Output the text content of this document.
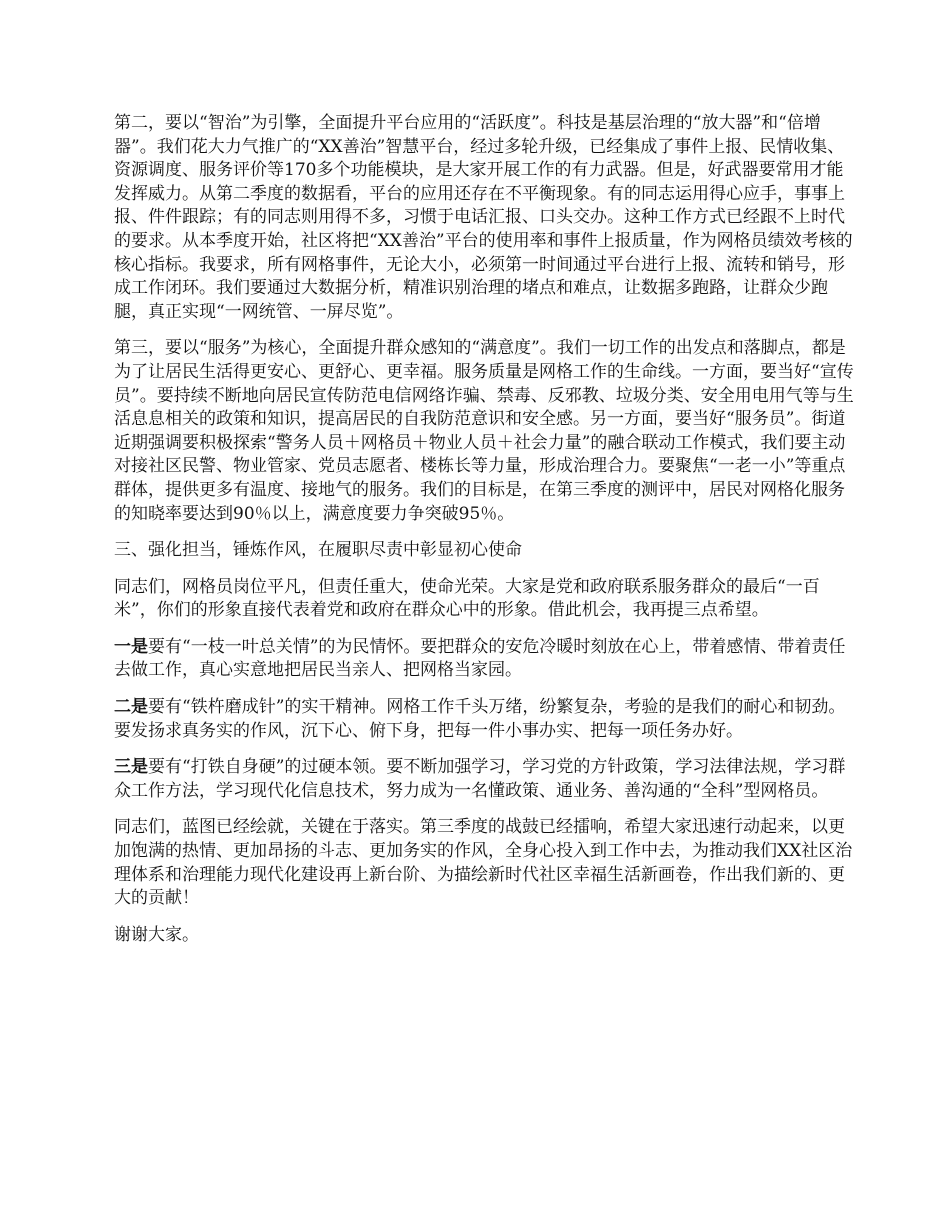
第二，要以“智治”为引擎，全面提升平台应用的“活跃度”。科技是基层治理的“放大器”和“倍增器”。我们花大力气推广的“XX善治”智慧平台，经过多轮升级，已经集成了事件上报、民情收集、资源调度、服务评价等170多个功能模块，是大家开展工作的有力武器。但是，好武器要常用才能发挥威力。从第二季度的数据看，平台的应用还存在不平衡现象。有的同志运用得心应手，事事上报、件件跟踪；有的同志则用得不多，习惯于电话汇报、口头交办。这种工作方式已经跟不上时代的要求。从本季度开始，社区将把“XX善治”平台的使用率和事件上报质量，作为网格员绩效考核的核心指标。我要求，所有网格事件，无论大小，必须第一时间通过平台进行上报、流转和销号，形成工作闭环。我们要通过大数据分析，精准识别治理的堵点和难点，让数据多跑路，让群众少跑腿，真正实现“一网统管、一屏尽览”。

第三，要以“服务”为核心，全面提升群众感知的“满意度”。我们一切工作的出发点和落脚点，都是为了让居民生活得更安心、更舒心、更幸福。服务质量是网格工作的生命线。一方面，要当好“宣传员”。要持续不断地向居民宣传防范电信网络诈骗、禁毒、反邪教、垃圾分类、安全用电用气等与生活息息相关的政策和知识，提高居民的自我防范意识和安全感。另一方面，要当好“服务员”。街道近期强调要积极探索“警务人员＋网格员＋物业人员＋社会力量”的融合联动工作模式，我们要主动对接社区民警、物业管家、党员志愿者、楼栋长等力量，形成治理合力。要聚焦“一老一小”等重点群体，提供更多有温度、接地气的服务。我们的目标是，在第三季度的测评中，居民对网格化服务的知晓率要达到90％以上，满意度要力争突破95％。

三、强化担当，锤炼作风，在履职尽责中彰显初心使命

同志们，网格员岗位平凡，但责任重大，使命光荣。大家是党和政府联系服务群众的最后“一百米”，你们的形象直接代表着党和政府在群众心中的形象。借此机会，我再提三点希望。

一是要有“一枝一叶总关情”的为民情怀。要把群众的安危冷暖时刻放在心上，带着感情、带着责任去做工作，真心实意地把居民当亲人、把网格当家园。

二是要有“铁杵磨成针”的实干精神。网格工作千头万绪，纷繁复杂，考验的是我们的耐心和韧劲。要发扬求真务实的作风，沉下心、俯下身，把每一件小事办实、把每一项任务办好。

三是要有“打铁自身硬”的过硬本领。要不断加强学习，学习党的方针政策，学习法律法规，学习群众工作方法，学习现代化信息技术，努力成为一名懂政策、通业务、善沟通的“全科”型网格员。

同志们，蓝图已经绘就，关键在于落实。第三季度的战鼓已经擂响，希望大家迅速行动起来，以更加饱满的热情、更加昂扬的斗志、更加务实的作风，全身心投入到工作中去，为推动我们XX社区治理体系和治理能力现代化建设再上新台阶、为描绘新时代社区幸福生活新画卷，作出我们新的、更大的贡献！

谢谢大家。
